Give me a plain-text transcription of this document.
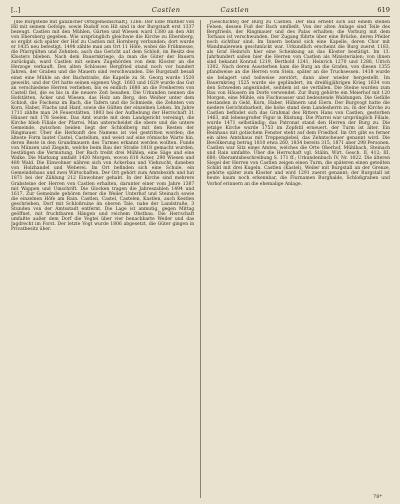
[..]	Castlen	Castlen	619

[die Burgstelle mit gänzlicher Ortsgemeinschaft]. 1266: Der Edle Walther von Hil mit seinem Gefolge, sowie Rudolf von Hil sind in der Burgstadt erst 1337 bezeugt. Castlen mit den Mühlen, Gärten und Wiesen ward 1380 an den Abt von Ebersberg gegeben. Wie ursprünglich gleichwie die Kirche zu Ebersberg, so ergibt sich später der Hof zu Castlen mit Hornberg verbunden; dort wurde er 1435 neu befestigt. 1498 zählte man am Ort 11 Höfe, wobei die Frühmesse, die Pfarrgülten und Zehnten, auch das Gericht auf dem Schloß, im Besitz des Klosters blieben. Nach dem Bauernkriege, da man die Güter der Bauern zurückgab, ward Castlen mit seinen Zugehörden von dem Kloster an die Herzoge verkauft. Des alten Schlosses Bergfried stand noch vor hundert Jahren, der Graben und die Mauern sind verschwunden. Die Burgstadt besaß einst eine Mühle an der Bachstraße, die Kapelle zu St. Georg wurde 1520 geweiht, und der Ort hatte seinen eigenen Vogt. 1603 und 1629 wurde das Gut an verschiedene Herren verliehen, bis es endlich 1680 an die Freiherren von Castell fiel, die es bis in die neuere Zeit besaßen. Die Urkunden nennen die Hofstätten, Äcker und Wiesen, das Holz am Berg, den Weiher unter dem Schloß, die Fischenz im Bach, die Tafern und die Schmiede, die Zehnten von Korn, Haber, Flachs und Hanf, sowie die Gülten der einzelnen Lehen. Im Jahre 1711 zählte man 24 Feuerstätten, 1803 bei der Aufhebung der Herrschaft 31 Häuser mit 178 Seelen. Das Amt wurde mit dem Landgericht vereinigt, die Kirche blieb Filiale der Pfarrei. Man unterscheidet die obere und die untere Gemeinde, zwischen beiden liegt der Schloßberg mit den Resten der Ringmauer. Über die Herkunft des Namens ist viel gestritten worden; die älteste Form lautet Castel, Castellum, und weist auf eine römische Warte hin, deren Reste in den Grundmauern des Turmes erkannt werden wollten. Funde von Münzen und Ziegeln, welche beim Bau der Straße 1818 gemacht wurden, bestätigen die Vermutung. Der Bach treibt drei Mühlen, eine Säge und eine Walke. Die Markung umfaßt 1420 Morgen, wovon 610 Äcker, 290 Wiesen und 480 Wald. Die Einwohner nähren sich von Ackerbau und Viehzucht, daneben von Holzhandel und Weberei. Im Ort befinden sich eine Schule, ein Gemeindehaus und zwei Wirtschaften. Der Ort gehört zum Amtsbezirk und hat 1871 bei der Zählung 212 Einwohner gehabt. In der Kirche sind mehrere Grabsteine der Herren von Castlen erhalten, darunter einer vom Jahre 1387 mit Wappen und Umschrift. Die Glocken tragen die Jahreszahlen 1494 und 1617. Zur Gemeinde gehören ferner die Weiler Unterhof und Steinach sowie die einzelnen Höfe am Rain. Castlen, Castel, Castelen, Kastlen, auch Kestlen geschrieben, Dorf mit Schloßruine im oberen Tale, nahe der Landstraße, 3 Stunden von der Amtsstadt entfernt. Die Lage ist anmutig, gegen Mittag geöffnet, mit fruchtbaren Hängen und reichem Obstbau. Die Herrschaft umfaßte außer dem Dorf die Vogtei über vier benachbarte Weiler und das Jagdrecht im Forst. Der letzte Vogt wurde 1806 abgesetzt, die Güter gingen in Privatbesitz über.

[Geschichte] der Burg zu Castlen. Der Bau erhebt sich auf einem steilen Felsen, dessen Fuß der Bach umfließt. Von der alten Anlage sind Teile des Bergfrieds, der Ringmauer und des Palas erhalten; die Vorburg mit dem Torhaus ist verschwunden. Der Zugang führte über eine Brücke, deren Pfeiler noch sichtbar sind. Im Innern befand sich eine Kapelle, deren Chor mit Wandmalereien geschmückt war. Urkundlich erscheint die Burg zuerst 1183, als Graf Heinrich hier eine Schenkung an das Kloster bestätigt. Im 13. Jahrhundert saßen hier die Herren von Castlen als Ministerialen; von ihnen sind bekannt Konrad 1219, Berthold 1241, Heinrich 1270 und 1288, Ulrich 1302. Nach deren Aussterben kam die Burg an die Grafen, von diesen 1355 pfandweise an die Herren vom Stein, später an die Truchsessen. 1418 wurde sie belagert und teilweise zerstört, dann aber wieder hergestellt. Im Bauernkrieg 1525 wurde sie geplündert, im dreißigjährigen Krieg 1634 von den Schweden angezündet, seitdem ist sie verfallen. Die Steine wurden zum Bau von Häusern im Dorfe verwendet. Zur Burg gehörte ein Meierhof mit 120 Morgen, eine Mühle, ein Fischwasser und bedeutende Waldungen. Die Gefälle bestanden in Geld, Korn, Haber, Hühnern und Eiern. Der Burgvogt hatte die niedere Gerichtsbarkeit, die hohe stand dem Landesherrn zu. In der Kirche zu Castlen befindet sich das Grabmal des Ritters Hans von Castlen, gestorben 1463, mit lebensgroßer Figur in Rüstung. Die Pfarrei war ursprünglich Filiale, wurde 1471 selbständig; das Patronat stand den Herren der Burg zu. Die jetzige Kirche wurde 1753 im Zopfstil erneuert, der Turm ist älter. Ein Beinhaus mit gotischem Fenster steht auf dem Friedhof. Im Ort gibt es ferner ein altes Amtshaus mit Treppengiebel, das Zehntscheuer genannt wird. Die Bevölkerung betrug 1810 etwa 260, 1834 bereits 315, 1871 aber 298 Personen. Castlen war Sitz eines Amtes, welches die Orte Oberhof, Mühlbach, Steinach und Rain umfaßte. Über die Herrschaft vgl. Stälin, Wirt. Gesch. II, 412; III, 680; Oberamtsbeschreibung S. 171 ff.; Urkundenbuch IV, Nr. 1022. Die älteren Siegel der Herren von Castlen zeigen einen Turm, die späteren einen geteilten Schild mit drei Kugeln. Castlen (Kastel), Weiler mit Burgstall an der Grenze, gehörte später zum Kloster und wird 1291 zuerst genannt; der Burgstall ist heute kaum noch erkennbar, die Flurnamen Burghalde, Schloßgraben und Vorhof erinnern an die ehemalige Anlage.

78*
